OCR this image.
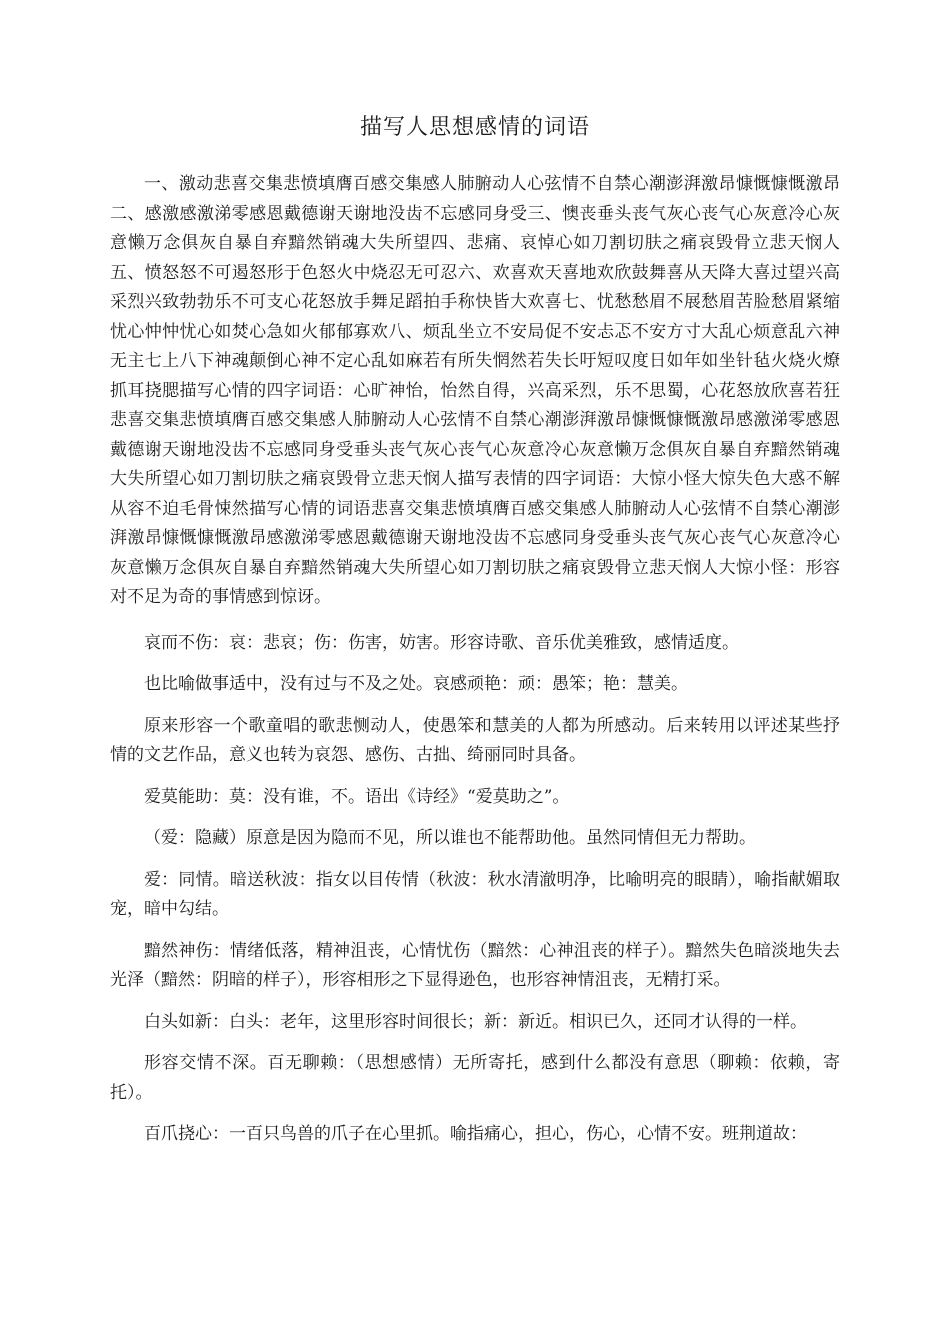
描写人思想感情的词语

一、激动悲喜交集悲愤填膺百感交集感人肺腑动人心弦情不自禁心潮澎湃激昂慷慨慷慨激昂二、感激感激涕零感恩戴德谢天谢地没齿不忘感同身受三、懊丧垂头丧气灰心丧气心灰意冷心灰意懒万念俱灰自暴自弃黯然销魂大失所望四、悲痛、哀悼心如刀割切肤之痛哀毁骨立悲天悯人五、愤怒怒不可遏怒形于色怒火中烧忍无可忍六、欢喜欢天喜地欢欣鼓舞喜从天降大喜过望兴高采烈兴致勃勃乐不可支心花怒放手舞足蹈拍手称快皆大欢喜七、忧愁愁眉不展愁眉苦脸愁眉紧缩忧心忡忡忧心如焚心急如火郁郁寡欢八、烦乱坐立不安局促不安忐忑不安方寸大乱心烦意乱六神无主七上八下神魂颠倒心神不定心乱如麻若有所失惘然若失长吁短叹度日如年如坐针毡火烧火燎抓耳挠腮描写心情的四字词语：心旷神怡，怡然自得，兴高采烈，乐不思蜀，心花怒放欣喜若狂悲喜交集悲愤填膺百感交集感人肺腑动人心弦情不自禁心潮澎湃激昂慷慨慷慨激昂感激涕零感恩戴德谢天谢地没齿不忘感同身受垂头丧气灰心丧气心灰意冷心灰意懒万念俱灰自暴自弃黯然销魂大失所望心如刀割切肤之痛哀毁骨立悲天悯人描写表情的四字词语：大惊小怪大惊失色大惑不解从容不迫毛骨悚然描写心情的词语悲喜交集悲愤填膺百感交集感人肺腑动人心弦情不自禁心潮澎湃激昂慷慨慷慨激昂感激涕零感恩戴德谢天谢地没齿不忘感同身受垂头丧气灰心丧气心灰意冷心灰意懒万念俱灰自暴自弃黯然销魂大失所望心如刀割切肤之痛哀毁骨立悲天悯人大惊小怪：形容对不足为奇的事情感到惊讶。

哀而不伤：哀：悲哀；伤：伤害，妨害。形容诗歌、音乐优美雅致，感情适度。

也比喻做事适中，没有过与不及之处。哀感顽艳：顽：愚笨；艳：慧美。

原来形容一个歌童唱的歌悲恻动人，使愚笨和慧美的人都为所感动。后来转用以评述某些抒情的文艺作品，意义也转为哀怨、感伤、古拙、绮丽同时具备。

爱莫能助：莫：没有谁，不。语出《诗经》“爱莫助之”。

（爱：隐藏）原意是因为隐而不见，所以谁也不能帮助他。虽然同情但无力帮助。

爱：同情。暗送秋波：指女以目传情（秋波：秋水清澈明净，比喻明亮的眼睛），喻指献媚取宠，暗中勾结。

黯然神伤：情绪低落，精神沮丧，心情忧伤（黯然：心神沮丧的样子）。黯然失色暗淡地失去光泽（黯然：阴暗的样子），形容相形之下显得逊色，也形容神情沮丧，无精打采。

白头如新：白头：老年，这里形容时间很长；新：新近。相识已久，还同才认得的一样。

形容交情不深。百无聊赖：（思想感情）无所寄托，感到什么都没有意思（聊赖：依赖，寄托）。

百爪挠心：一百只鸟兽的爪子在心里抓。喻指痛心，担心，伤心，心情不安。班荆道故：
